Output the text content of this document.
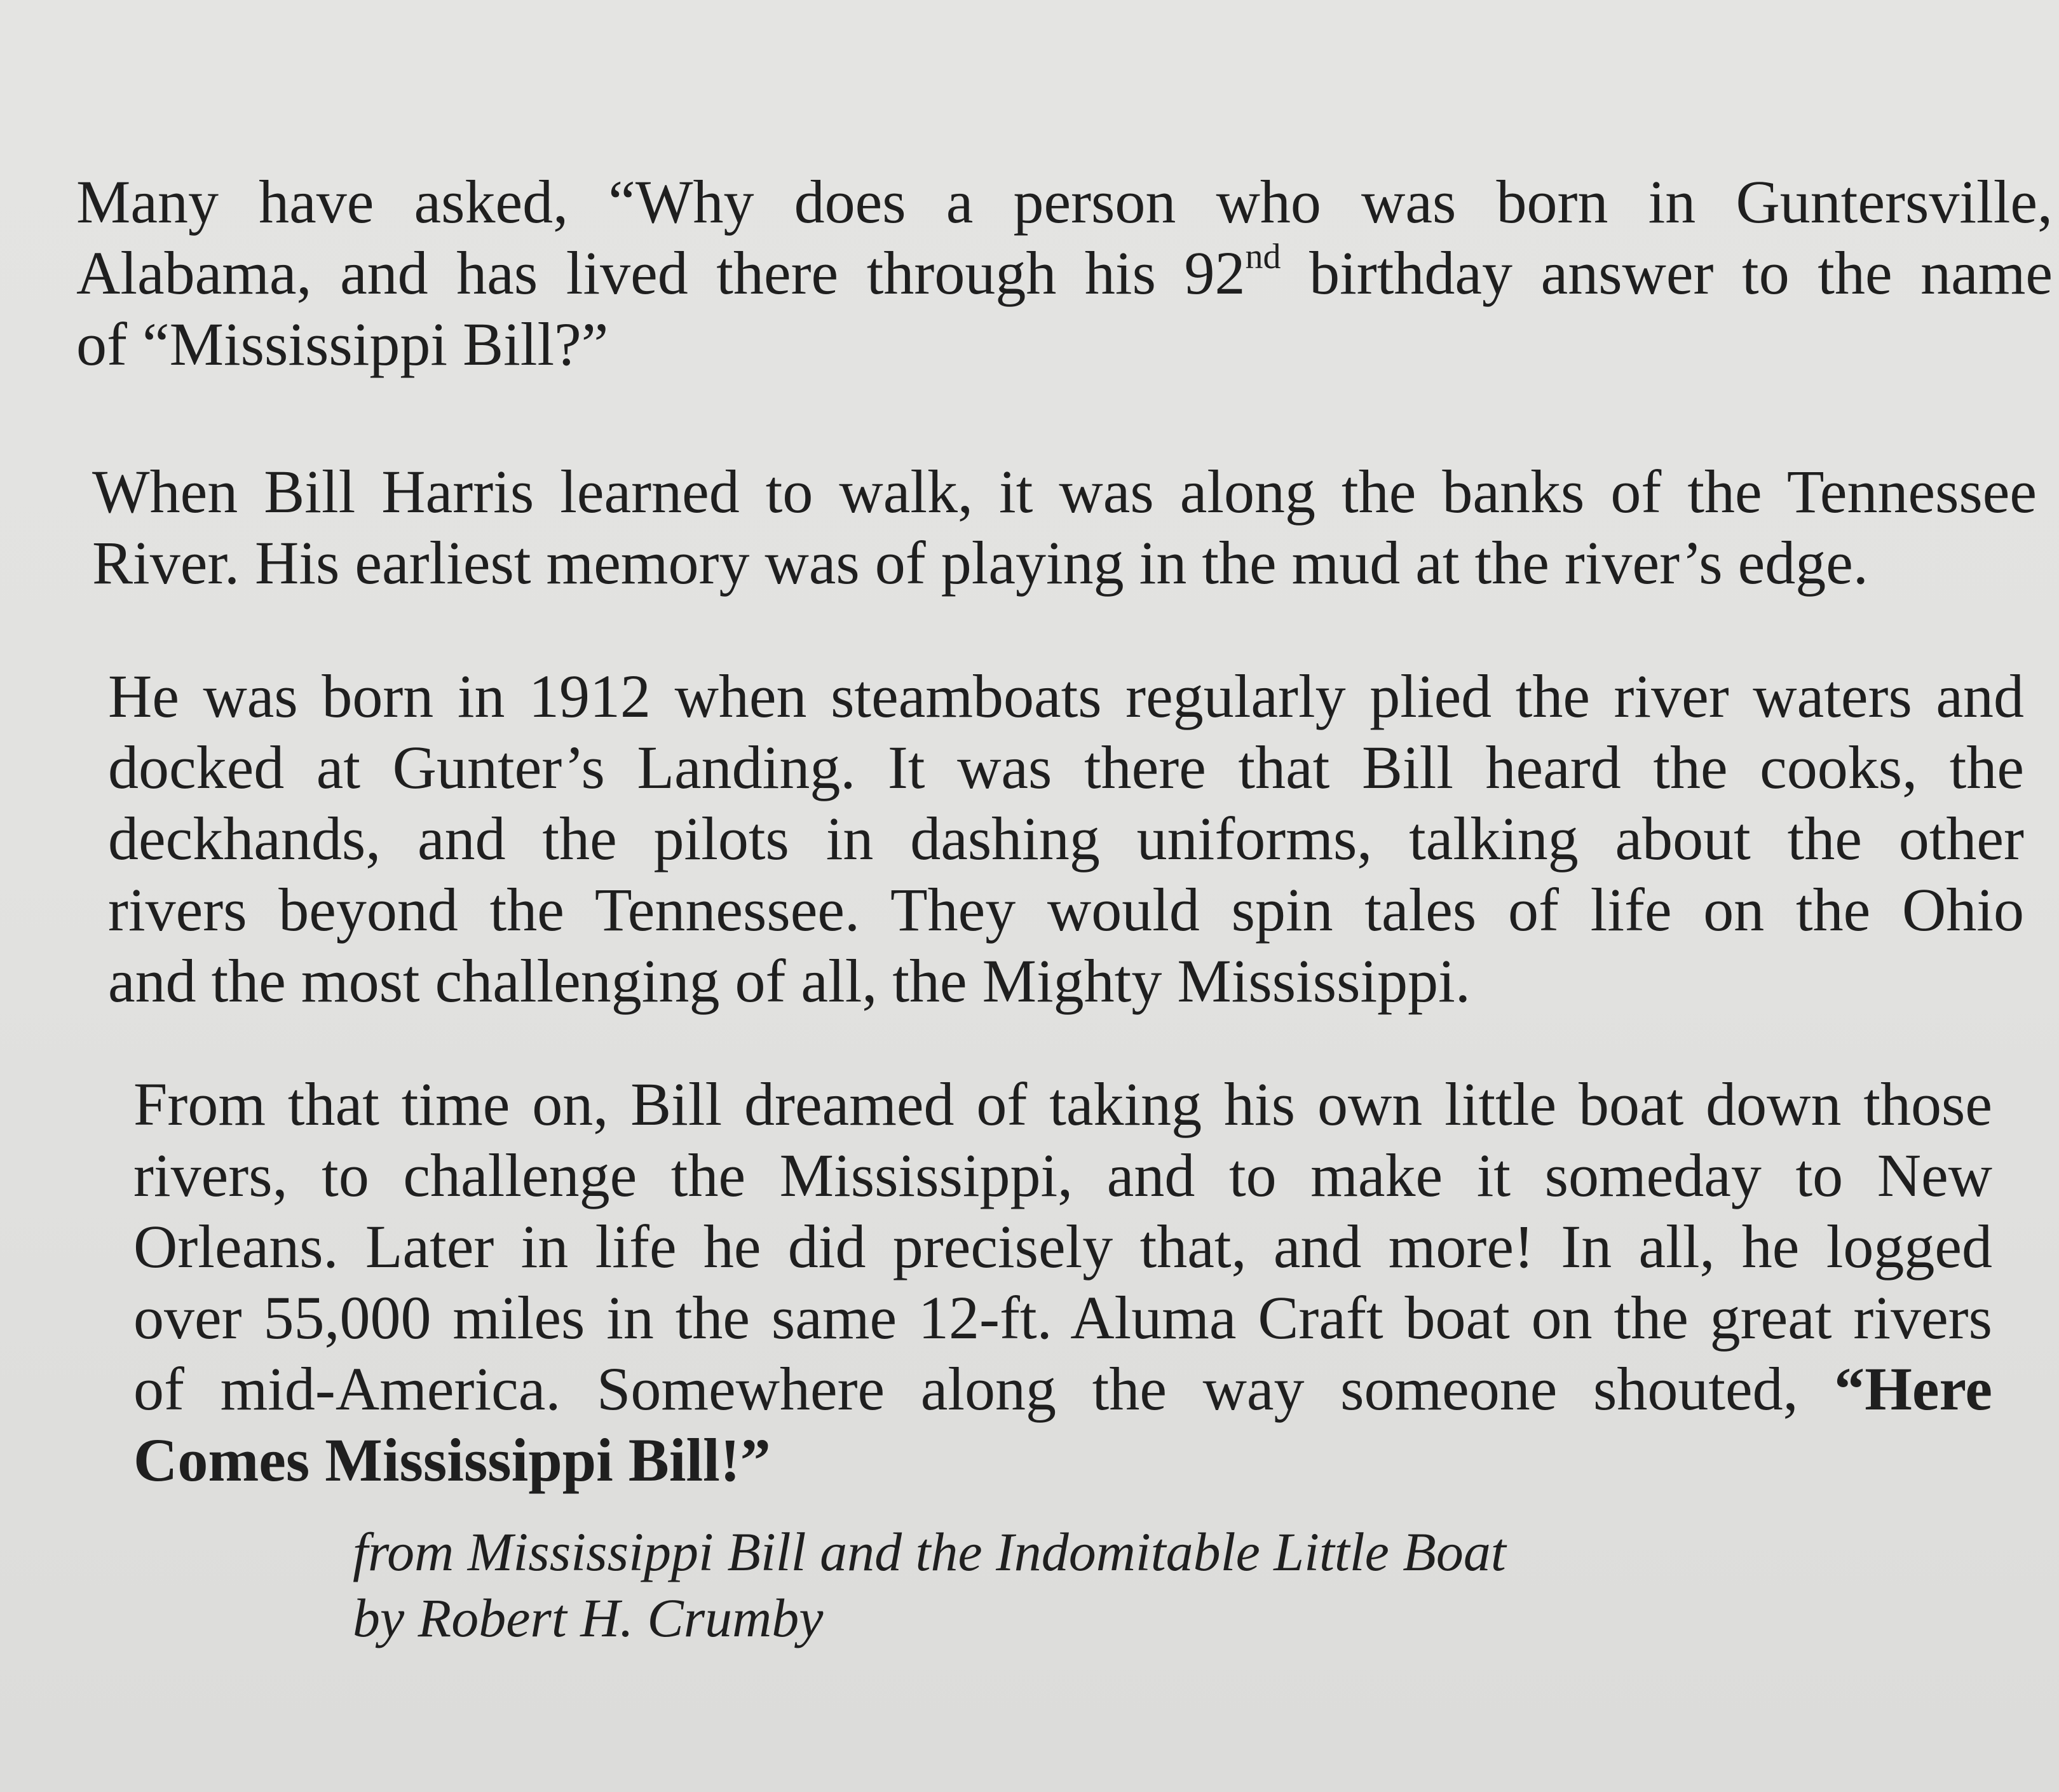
Many have asked, “Why does a person who was born in Guntersville,
Alabama, and has lived there through his 92nd birthday answer to the name
of “Mississippi Bill?”

When Bill Harris learned to walk, it was along the banks of the Tennessee
River. His earliest memory was of playing in the mud at the river’s edge.

He was born in 1912 when steamboats regularly plied the river waters and
docked at Gunter’s Landing. It was there that Bill heard the cooks, the
deckhands, and the pilots in dashing uniforms, talking about the other
rivers beyond the Tennessee. They would spin tales of life on the Ohio
and the most challenging of all, the Mighty Mississippi.

From that time on, Bill dreamed of taking his own little boat down those
rivers, to challenge the Mississippi, and to make it someday to New
Orleans. Later in life he did precisely that, and more! In all, he logged
over 55,000 miles in the same 12-ft. Aluma Craft boat on the great rivers
of mid-America. Somewhere along the way someone shouted, “Here
Comes Mississippi Bill!”

from Mississippi Bill and the Indomitable Little Boat
by Robert H. Crumby
